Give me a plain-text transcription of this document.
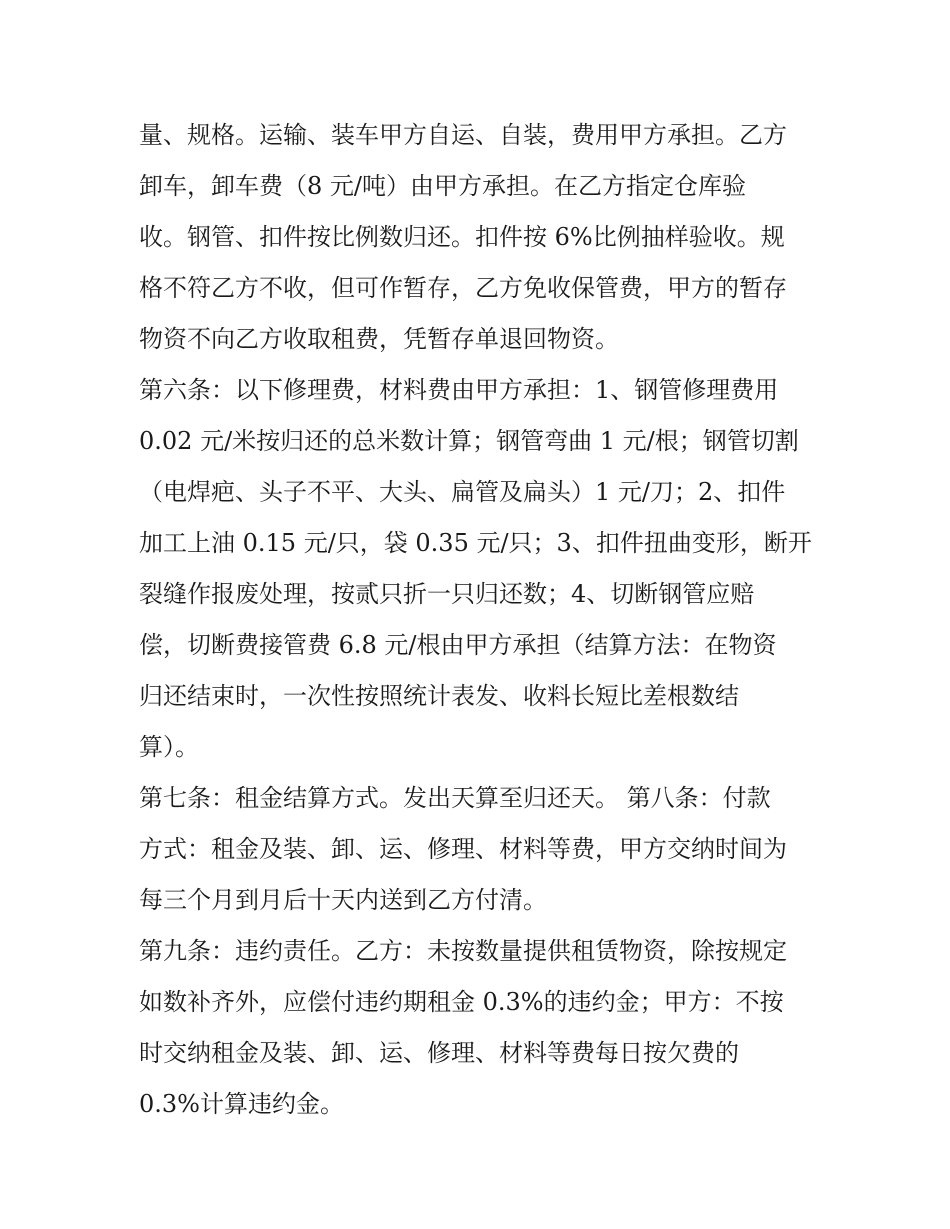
量、规格。运输、装车甲方自运、自装，费用甲方承担。乙方
卸车，卸车费（8 元/吨）由甲方承担。在乙方指定仓库验
收。钢管、扣件按比例数归还。扣件按 6%比例抽样验收。规
格不符乙方不收，但可作暂存，乙方免收保管费，甲方的暂存
物资不向乙方收取租费，凭暂存单退回物资。
第六条：以下修理费，材料费由甲方承担：1、钢管修理费用
0.02 元/米按归还的总米数计算；钢管弯曲 1 元/根；钢管切割
（电焊疤、头子不平、大头、扁管及扁头）1 元/刀；2、扣件
加工上油 0.15 元/只，袋 0.35 元/只；3、扣件扭曲变形，断开
裂缝作报废处理，按贰只折一只归还数；4、切断钢管应赔
偿，切断费接管费 6.8 元/根由甲方承担（结算方法：在物资
归还结束时，一次性按照统计表发、收料长短比差根数结
算）。
第七条：租金结算方式。发出天算至归还天。 第八条：付款
方式：租金及装、卸、运、修理、材料等费，甲方交纳时间为
每三个月到月后十天内送到乙方付清。
第九条：违约责任。乙方：未按数量提供租赁物资，除按规定
如数补齐外，应偿付违约期租金 0.3%的违约金；甲方：不按
时交纳租金及装、卸、运、修理、材料等费每日按欠费的
0.3%计算违约金。
